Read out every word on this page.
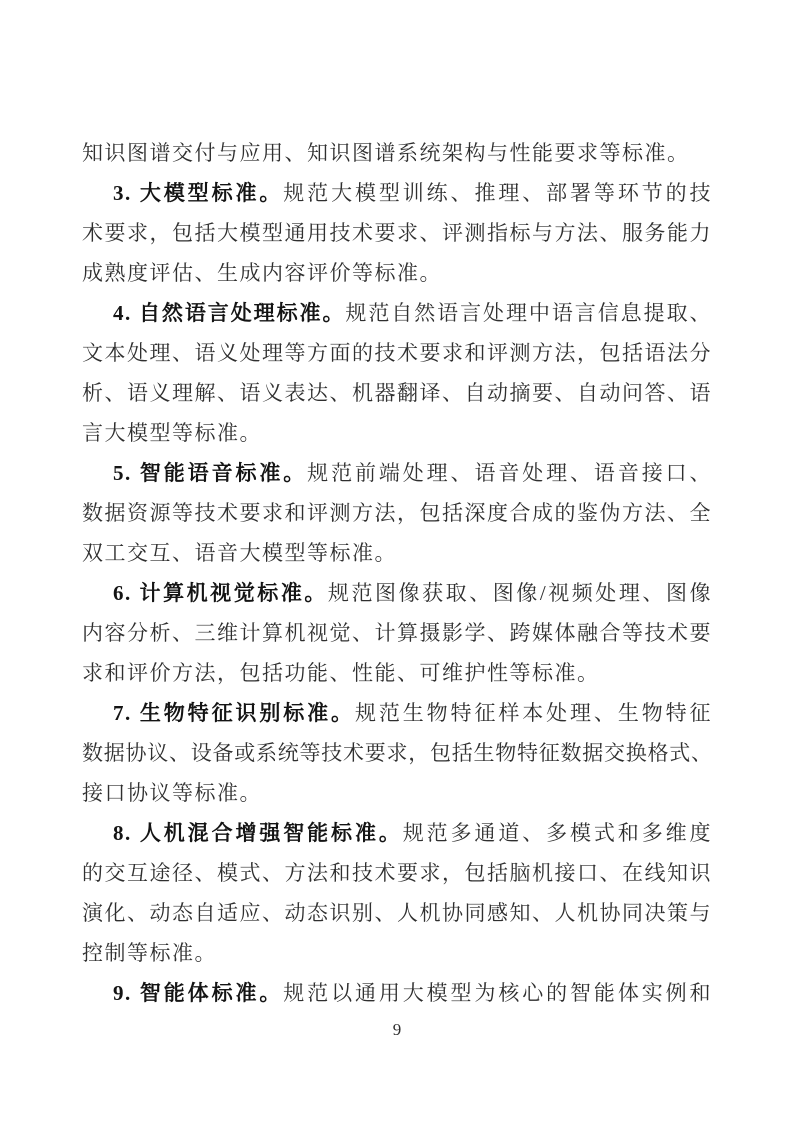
知识图谱交付与应用、知识图谱系统架构与性能要求等标准。

3. 大模型标准。规范大模型训练、推理、部署等环节的技

术要求，包括大模型通用技术要求、评测指标与方法、服务能力

成熟度评估、生成内容评价等标准。

4. 自然语言处理标准。规范自然语言处理中语言信息提取、

文本处理、语义处理等方面的技术要求和评测方法，包括语法分

析、语义理解、语义表达、机器翻译、自动摘要、自动问答、语

言大模型等标准。

5. 智能语音标准。规范前端处理、语音处理、语音接口、

数据资源等技术要求和评测方法，包括深度合成的鉴伪方法、全

双工交互、语音大模型等标准。

6. 计算机视觉标准。规范图像获取、图像/视频处理、图像

内容分析、三维计算机视觉、计算摄影学、跨媒体融合等技术要

求和评价方法，包括功能、性能、可维护性等标准。

7. 生物特征识别标准。规范生物特征样本处理、生物特征

数据协议、设备或系统等技术要求，包括生物特征数据交换格式、

接口协议等标准。

8. 人机混合增强智能标准。规范多通道、多模式和多维度

的交互途径、模式、方法和技术要求，包括脑机接口、在线知识

演化、动态自适应、动态识别、人机协同感知、人机协同决策与

控制等标准。

9. 智能体标准。规范以通用大模型为核心的智能体实例和

9
